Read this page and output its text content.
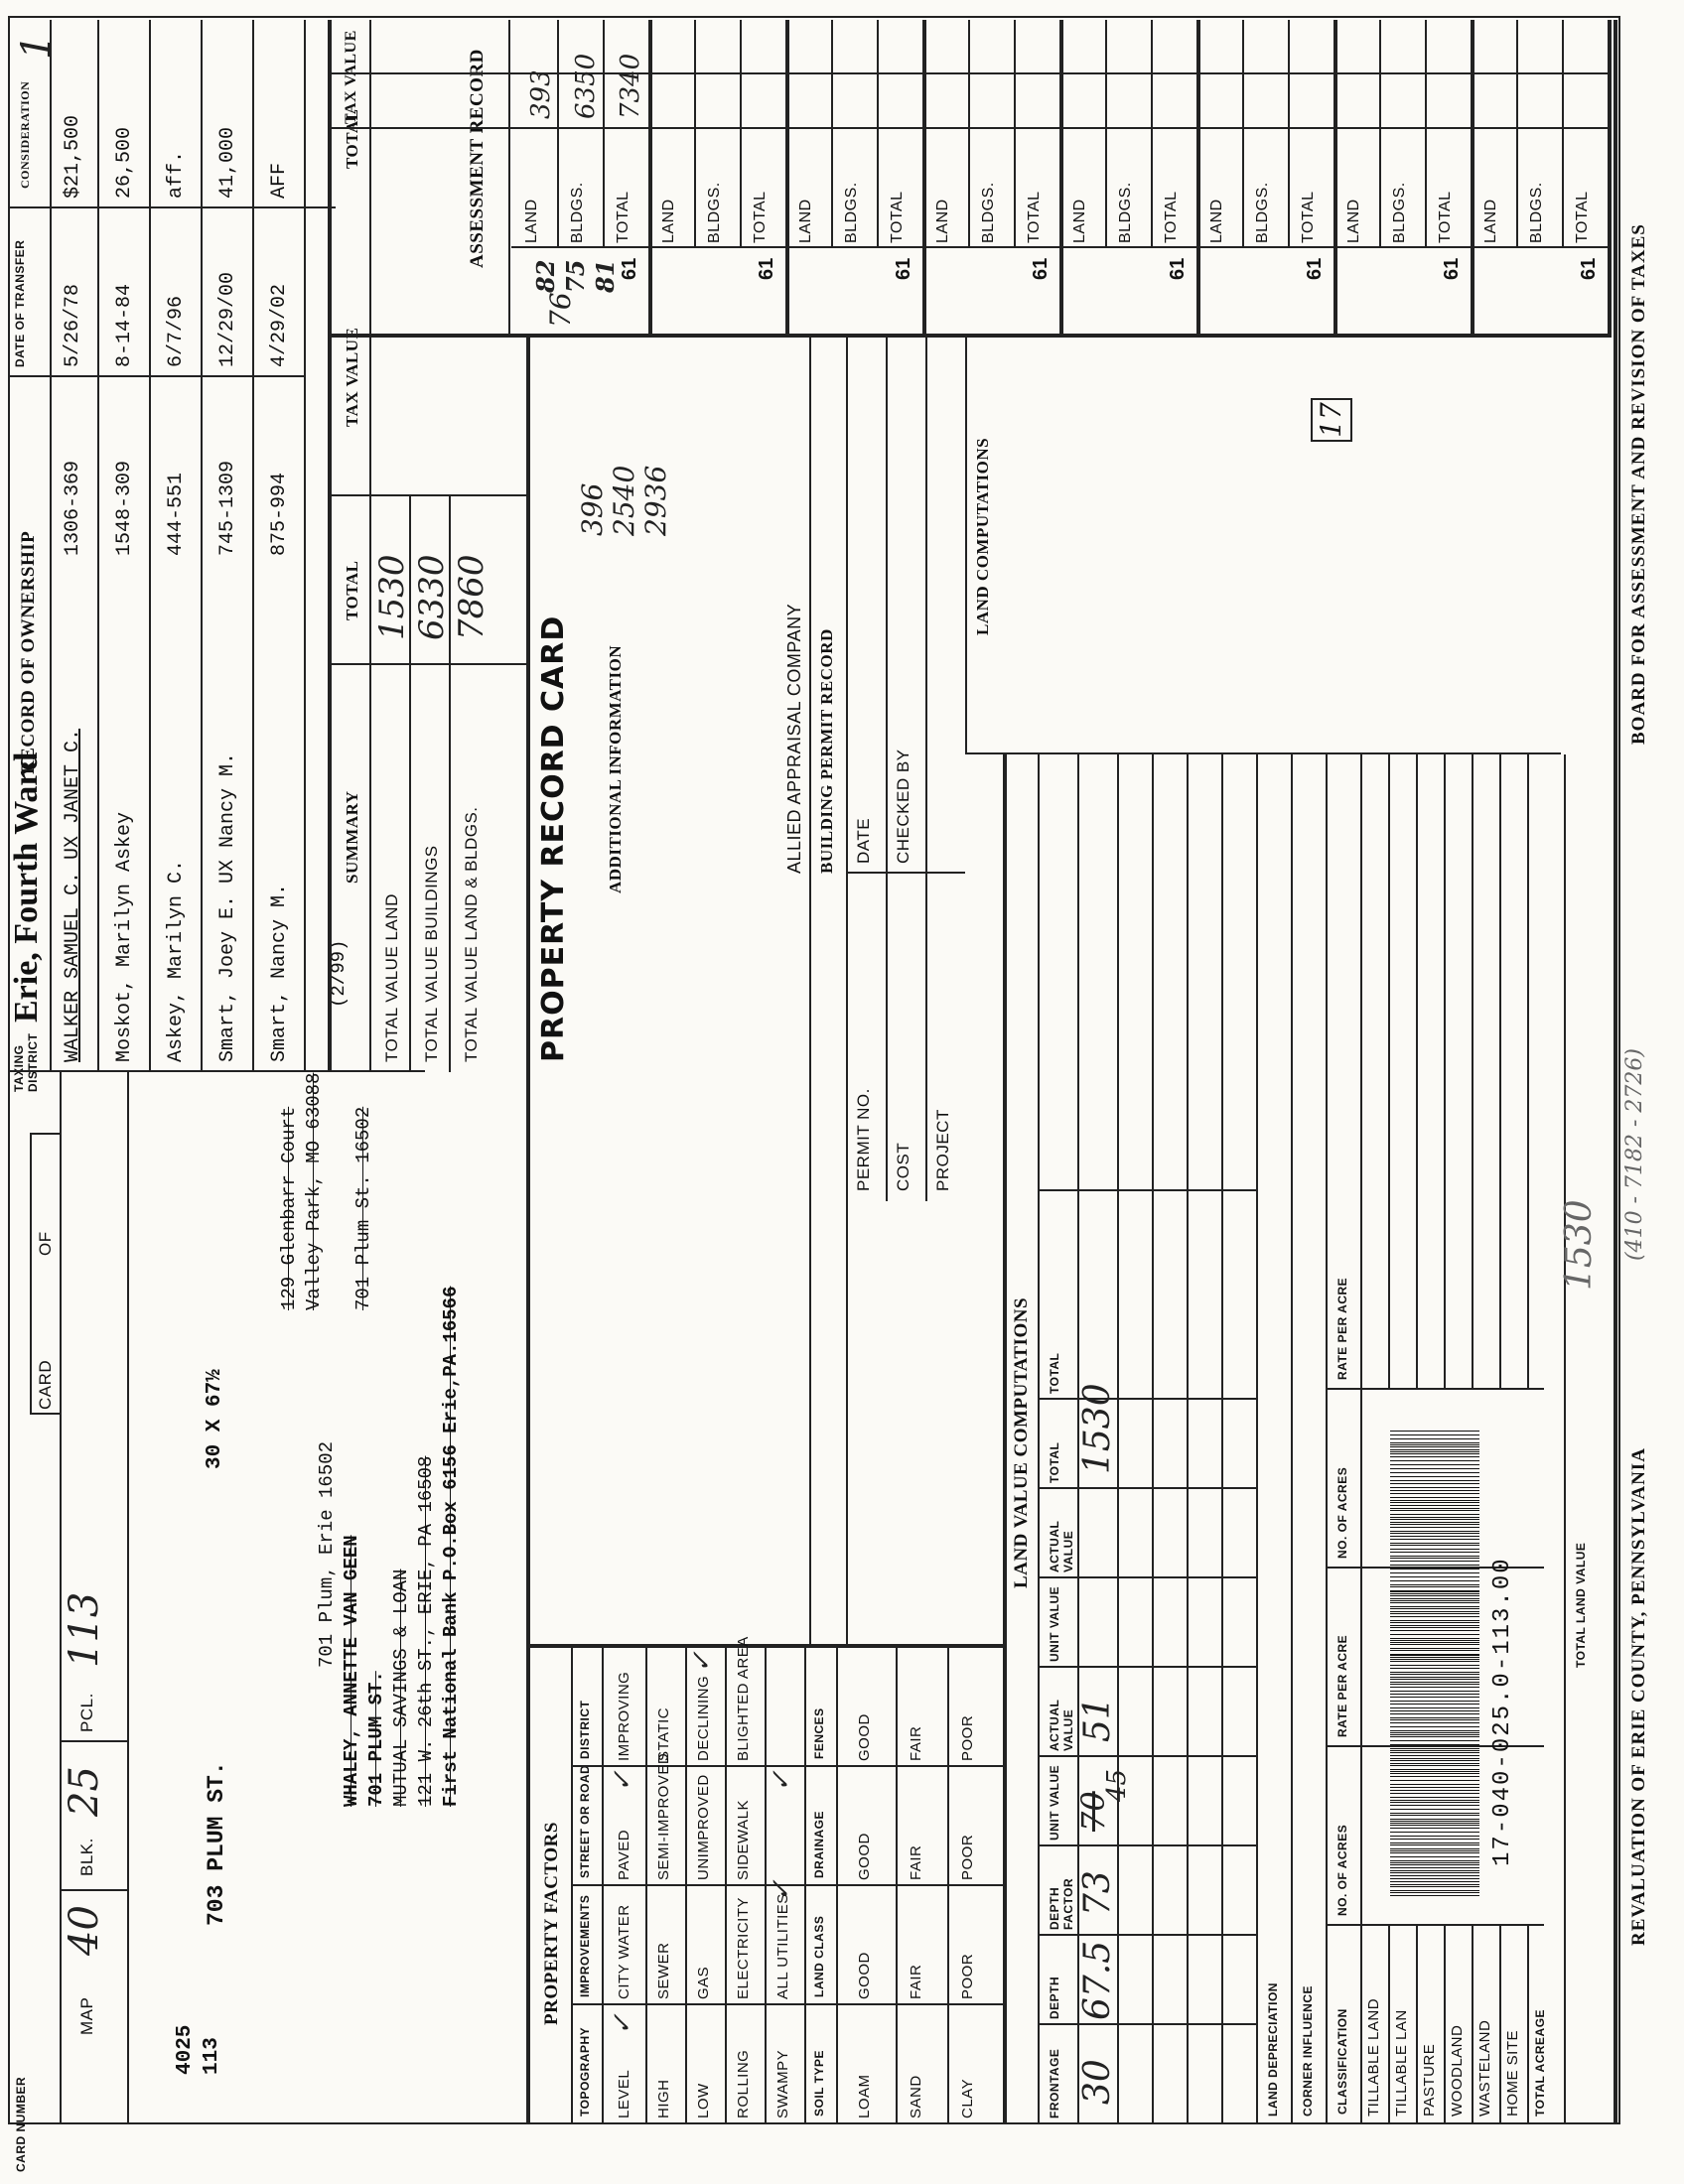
CARD NUMBER
MAP
40
BLK.
25
PCL.
113
CARD
OF
TAXING DISTRICT
Erie, Fourth Ward
4025 113
703 PLUM ST.
30 X 67½
129 Glenbarr Court Valley Park, MO 63088
(2/99)
701 Plum St. 16502
701 Plum, Erie 16502 WHALEY, ANNETTE VAN GEEN 701 PLUM ST. MUTUAL SAVINGS & LOAN 121 W. 26th ST., ERIE, PA 16508 First National Bank P.O.Box 6156 Erie,PA.16566
RECORD OF OWNERSHIP
DATE OF TRANSFER
CONSIDERATION
SUMMARY
TOTAL
TAX VALUE
TOTAL
TAX VALUE
TOTAL VALUE LAND TOTAL VALUE BUILDINGS TOTAL VALUE LAND & BLDGS.
1530 6330 7860
PROPERTY RECORD CARD ADDITIONAL INFORMATION
396 2540 2936
ALLIED APPRAISAL COMPANY BUILDING PERMIT RECORD
PERMIT NO. COST PROJECT
DATE CHECKED BY
LAND COMPUTATIONS
PROPERTY FACTORS
LAND VALUE COMPUTATIONS
ASSESSMENT RECORD
REVALUATION OF ERIE COUNTY, PENNSYLVANIA
BOARD FOR ASSESSMENT AND REVISION OF TAXES
(410 - 7182 - 2726)
1
17
WALKER SAMUEL C. UX JANET C.
1306-369
5/26/78
$21,500
Moskot, Marilyn Askey
1548-309
8-14-84
26,500
Askey, Marilyn C.
444-551
6/7/96
aff.
Smart, Joey E. UX Nancy M.
745-1309
12/29/00
41,000
Smart, Nancy M.
875-994
4/29/02
AFF
TOPOGRAPHY
IMPROVEMENTS
STREET OR ROAD
DISTRICT
LEVEL
CITY WATER
PAVED
IMPROVING
HIGH
SEWER
SEMI-IMPROVED
STATIC
LOW
GAS
UNIMPROVED
DECLINING
ROLLING
ELECTRICITY
SIDEWALK
BLIGHTED AREA
SWAMPY
ALL UTILITIES
✓
✓
✓
✓
✓
SOIL TYPE
LAND CLASS
DRAINAGE
FENCES
LOAM
GOOD
GOOD
GOOD
SAND
FAIR
FAIR
FAIR
CLAY
POOR
POOR
POOR
FRONTAGE
DEPTH
DEPTH FACTOR
UNIT VALUE
ACTUAL VALUE
UNIT VALUE
ACTUAL VALUE
TOTAL
TOTAL
30
67.5
73
70
45
51
1530
LAND DEPRECIATION CORNER INFLUENCE CLASSIFICATION
NO. OF ACRES
RATE PER ACRE
NO. OF ACRES
RATE PER ACRE
TILLABLE LAND TILLABLE LAN PASTURE WOODLAND WASTELAND HOME SITE TOTAL ACREAGE
TOTAL LAND VALUE
1530
17-040-025.0-113.00
LAND BLDGS. TOTAL
61
LAND BLDGS. TOTAL
61
LAND BLDGS. TOTAL
61
LAND BLDGS. TOTAL
61
LAND BLDGS. TOTAL
61
LAND BLDGS. TOTAL
61
LAND BLDGS. TOTAL
61
LAND BLDGS. TOTAL
61
393 6350 7340
76
82 75 81
